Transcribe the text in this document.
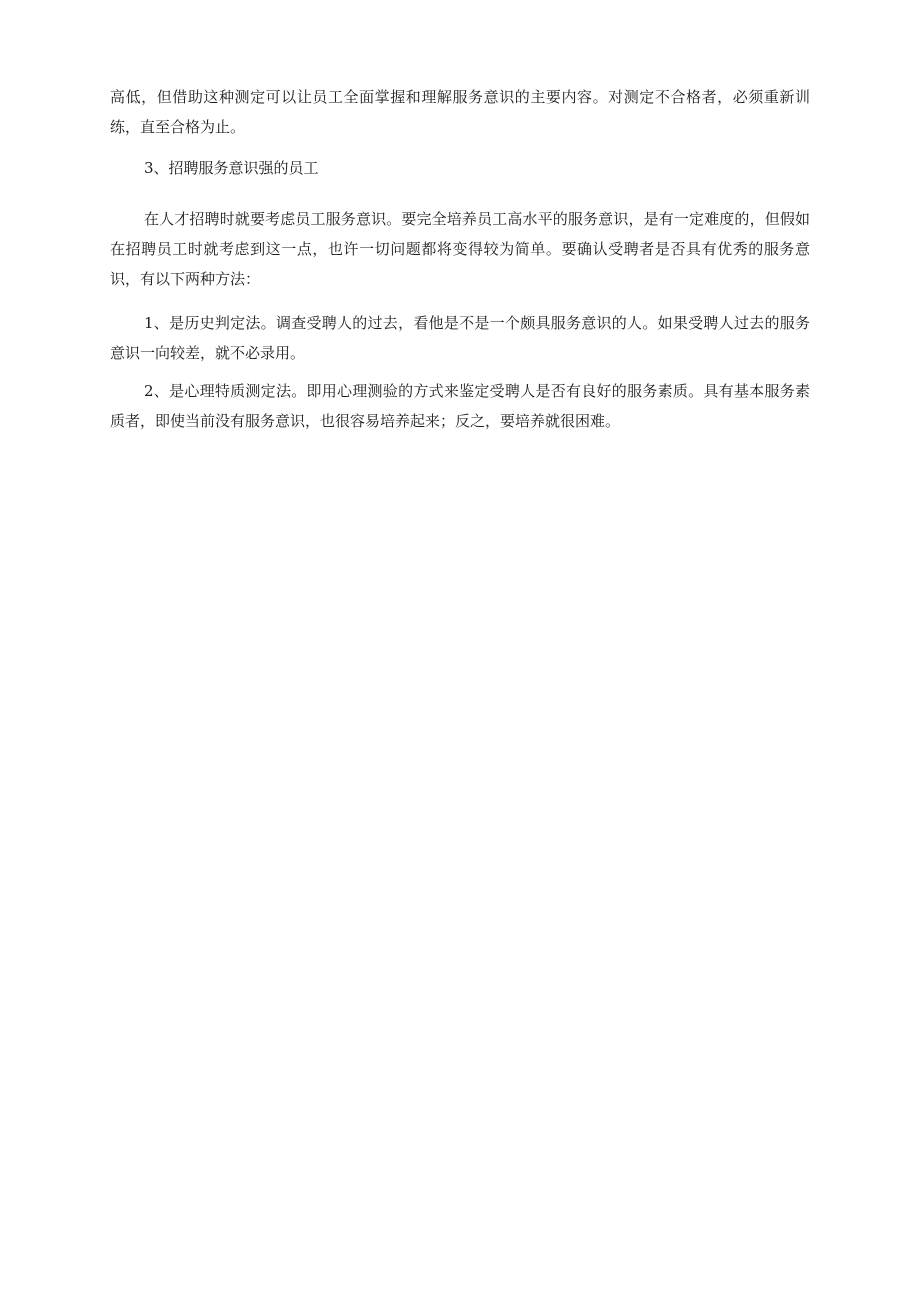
高低，但借助这种测定可以让员工全面掌握和理解服务意识的主要内容。对测定不合格者，必须重新训练，直至合格为止。

3、招聘服务意识强的员工

在人才招聘时就要考虑员工服务意识。要完全培养员工高水平的服务意识，是有一定难度的，但假如在招聘员工时就考虑到这一点，也许一切问题都将变得较为简单。要确认受聘者是否具有优秀的服务意识，有以下两种方法：

1、是历史判定法。调查受聘人的过去，看他是不是一个颇具服务意识的人。如果受聘人过去的服务意识一向较差，就不必录用。

2、是心理特质测定法。即用心理测验的方式来鉴定受聘人是否有良好的服务素质。具有基本服务素质者，即使当前没有服务意识，也很容易培养起来；反之，要培养就很困难。
